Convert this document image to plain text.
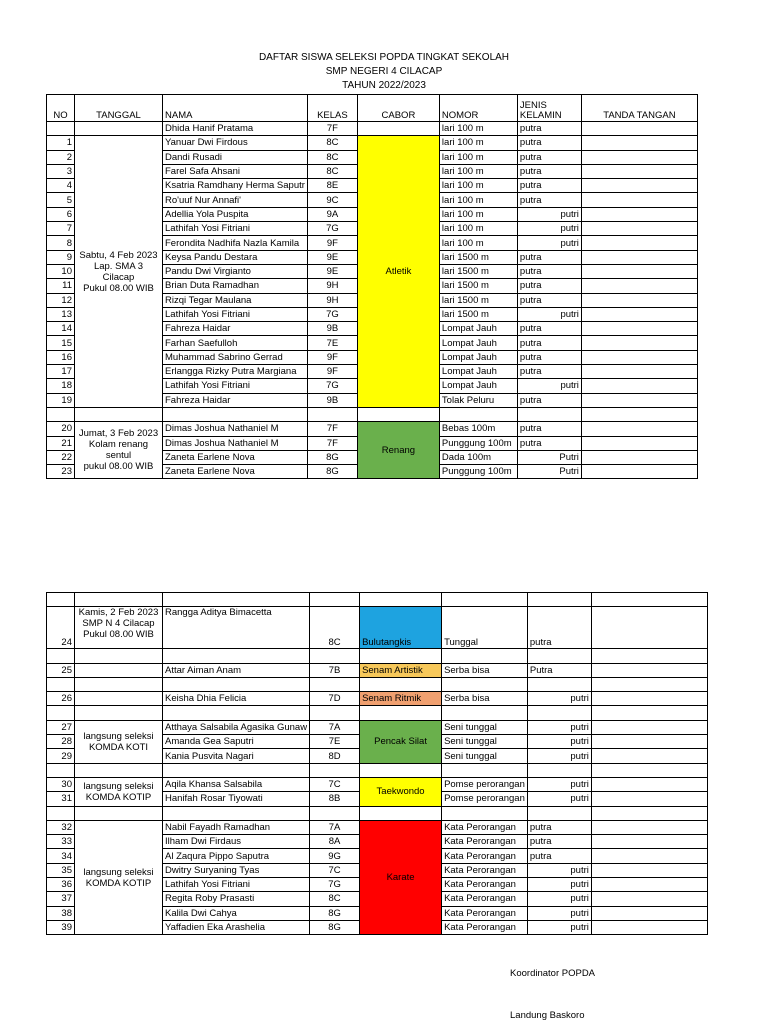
DAFTAR SISWA SELEKSI POPDA TINGKAT SEKOLAH
SMP NEGERI 4 CILACAP
TAHUN 2022/2023
NO	TANGGAL	NAMA	KELAS	CABOR	NOMOR	JENIS
KELAMIN	TANDA TANGAN
		Dhida Hanif Pratama	7F		lari 100 m	putra	
1	Sabtu, 4 Feb 2023
Lap. SMA 3 Cilacap
Pukul 08.00 WIB	Yanuar Dwi Firdous	8C	Atletik	lari 100 m	putra	
2		Dandi Rusadi	8C		lari 100 m	putra	
3		Farel Safa Ahsani	8C		lari 100 m	putra	
4		Ksatria Ramdhany Herma Saputr	8E		lari 100 m	putra	
5		Ro'uuf Nur Annafi'	9C		lari 100 m	putra	
6		Adellia Yola Puspita	9A		lari 100 m	putri	
7		Lathifah Yosi Fitriani	7G		lari 100 m	putri	
8		Ferondita Nadhifa Nazla Kamila	9F		lari 100 m	putri	
9		Keysa Pandu Destara	9E		lari 1500 m	putra	
10		Pandu Dwi Virgianto	9E		lari 1500 m	putra	
11		Brian Duta Ramadhan	9H		lari 1500 m	putra	
12		Rizqi Tegar Maulana	9H		lari 1500 m	putra	
13		Lathifah Yosi Fitriani	7G		lari 1500 m	putri	
14		Fahreza Haidar	9B		Lompat Jauh	putra	
15		Farhan Saefulloh	7E		Lompat Jauh	putra	
16		Muhammad Sabrino Gerrad	9F		Lompat Jauh	putra	
17		Erlangga Rizky Putra Margiana	9F		Lompat Jauh	putra	
18		Lathifah Yosi Fitriani	7G		Lompat Jauh	putri	
19		Fahreza Haidar	9B		Tolak Peluru	putra	

20	Jumat, 3 Feb 2023
Kolam renang sentul
pukul 08.00 WIB	Dimas Joshua Nathaniel M	7F	Renang	Bebas 100m	putra	
21		Dimas Joshua Nathaniel M	7F		Punggung 100m	putra	
22		Zaneta Earlene Nova	8G		Dada 100m	Putri	
23		Zaneta Earlene Nova	8G		Punggung 100m	Putri	

24	Kamis, 2 Feb 2023
SMP N 4 Cilacap
Pukul 08.00 WIB	Rangga Aditya Bimacetta	8C	Bulutangkis	Tunggal	putra	

25		Attar Aiman Anam	7B	Senam Artistik	Serba bisa	Putra	

26		Keisha Dhia Felicia	7D	Senam Ritmik	Serba bisa	putri	

27	langsung seleksi KOMDA KOTI	Atthaya Salsabila Agasika Gunaw	7A	Pencak Silat	Seni tunggal	putri	
28		Amanda Gea Saputri	7E		Seni tunggal	putri	
29		Kania Pusvita Nagari	8D		Seni tunggal	putri	

30	langsung seleksi KOMDA KOTIP	Aqila Khansa Salsabila	7C	Taekwondo	Pomse perorangan	putri	
31		Hanifah Rosar Tiyowati	8B		Pomse perorangan	putri	

32	langsung seleksi KOMDA KOTIP	Nabil Fayadh Ramadhan	7A	Karate	Kata Perorangan	putra	
33		Ilham Dwi Firdaus	8A		Kata Perorangan	putra	
34		Al Zaqura Pippo Saputra	9G		Kata Perorangan	putra	
35		Dwitry Suryaning Tyas	7C		Kata Perorangan	putri	
36		Lathifah Yosi Fitriani	7G		Kata Perorangan	putri	
37		Regita Roby Prasasti	8C		Kata Perorangan	putri	
38		Kalila Dwi Cahya	8G		Kata Perorangan	putri	
39		Yaffadien Eka Arashelia	8G		Kata Perorangan	putri	
Koordinator POPDA
Landung Baskoro
